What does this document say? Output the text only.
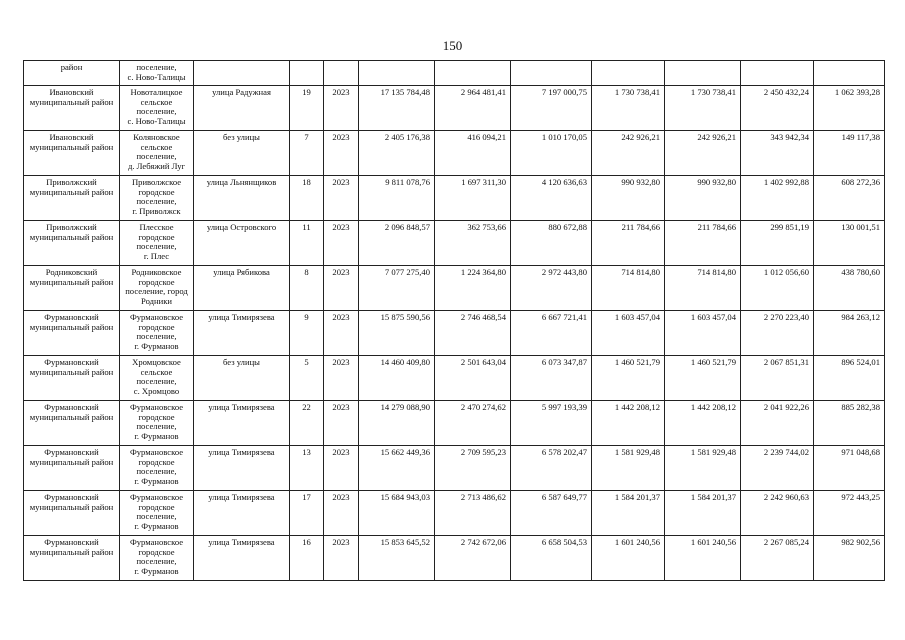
150
район	поселение,
с. Ново-Талицы										
Ивановский муниципальный район	Новоталицкое
сельское
поселение,
с. Ново-Талицы	улица Радужная	19	2023	17 135 784,48	2 964 481,41	7 197 000,75	1 730 738,41	1 730 738,41	2 450 432,24	1 062 393,28
Ивановский муниципальный район	Коляновское
сельское
поселение,
д. Лебяжий Луг	без улицы	7	2023	2 405 176,38	416 094,21	1 010 170,05	242 926,21	242 926,21	343 942,34	149 117,38
Приволжский муниципальный район	Приволжское
городское
поселение,
г. Приволжск	улица Льнянщиков	18	2023	9 811 078,76	1 697 311,30	4 120 636,63	990 932,80	990 932,80	1 402 992,88	608 272,36
Приволжский муниципальный район	Плесское
городское
поселение,
г. Плес	улица Островского	11	2023	2 096 848,57	362 753,66	880 672,88	211 784,66	211 784,66	299 851,19	130 001,51
Родниковский муниципальный район	Родниковское
городское
поселение, город
Родники	улица Рябикова	8	2023	7 077 275,40	1 224 364,80	2 972 443,80	714 814,80	714 814,80	1 012 056,60	438 780,60
Фурмановский муниципальный район	Фурмановское
городское
поселение,
г. Фурманов	улица Тимирязева	9	2023	15 875 590,56	2 746 468,54	6 667 721,41	1 603 457,04	1 603 457,04	2 270 223,40	984 263,12
Фурмановский муниципальный район	Хромцовское
сельское
поселение,
с. Хромцово	без улицы	5	2023	14 460 409,80	2 501 643,04	6 073 347,87	1 460 521,79	1 460 521,79	2 067 851,31	896 524,01
Фурмановский муниципальный район	Фурмановское
городское
поселение,
г. Фурманов	улица Тимирязева	22	2023	14 279 088,90	2 470 274,62	5 997 193,39	1 442 208,12	1 442 208,12	2 041 922,26	885 282,38
Фурмановский муниципальный район	Фурмановское
городское
поселение,
г. Фурманов	улица Тимирязева	13	2023	15 662 449,36	2 709 595,23	6 578 202,47	1 581 929,48	1 581 929,48	2 239 744,02	971 048,68
Фурмановский муниципальный район	Фурмановское
городское
поселение,
г. Фурманов	улица Тимирязева	17	2023	15 684 943,03	2 713 486,62	6 587 649,77	1 584 201,37	1 584 201,37	2 242 960,63	972 443,25
Фурмановский муниципальный район	Фурмановское
городское
поселение,
г. Фурманов	улица Тимирязева	16	2023	15 853 645,52	2 742 672,06	6 658 504,53	1 601 240,56	1 601 240,56	2 267 085,24	982 902,56
